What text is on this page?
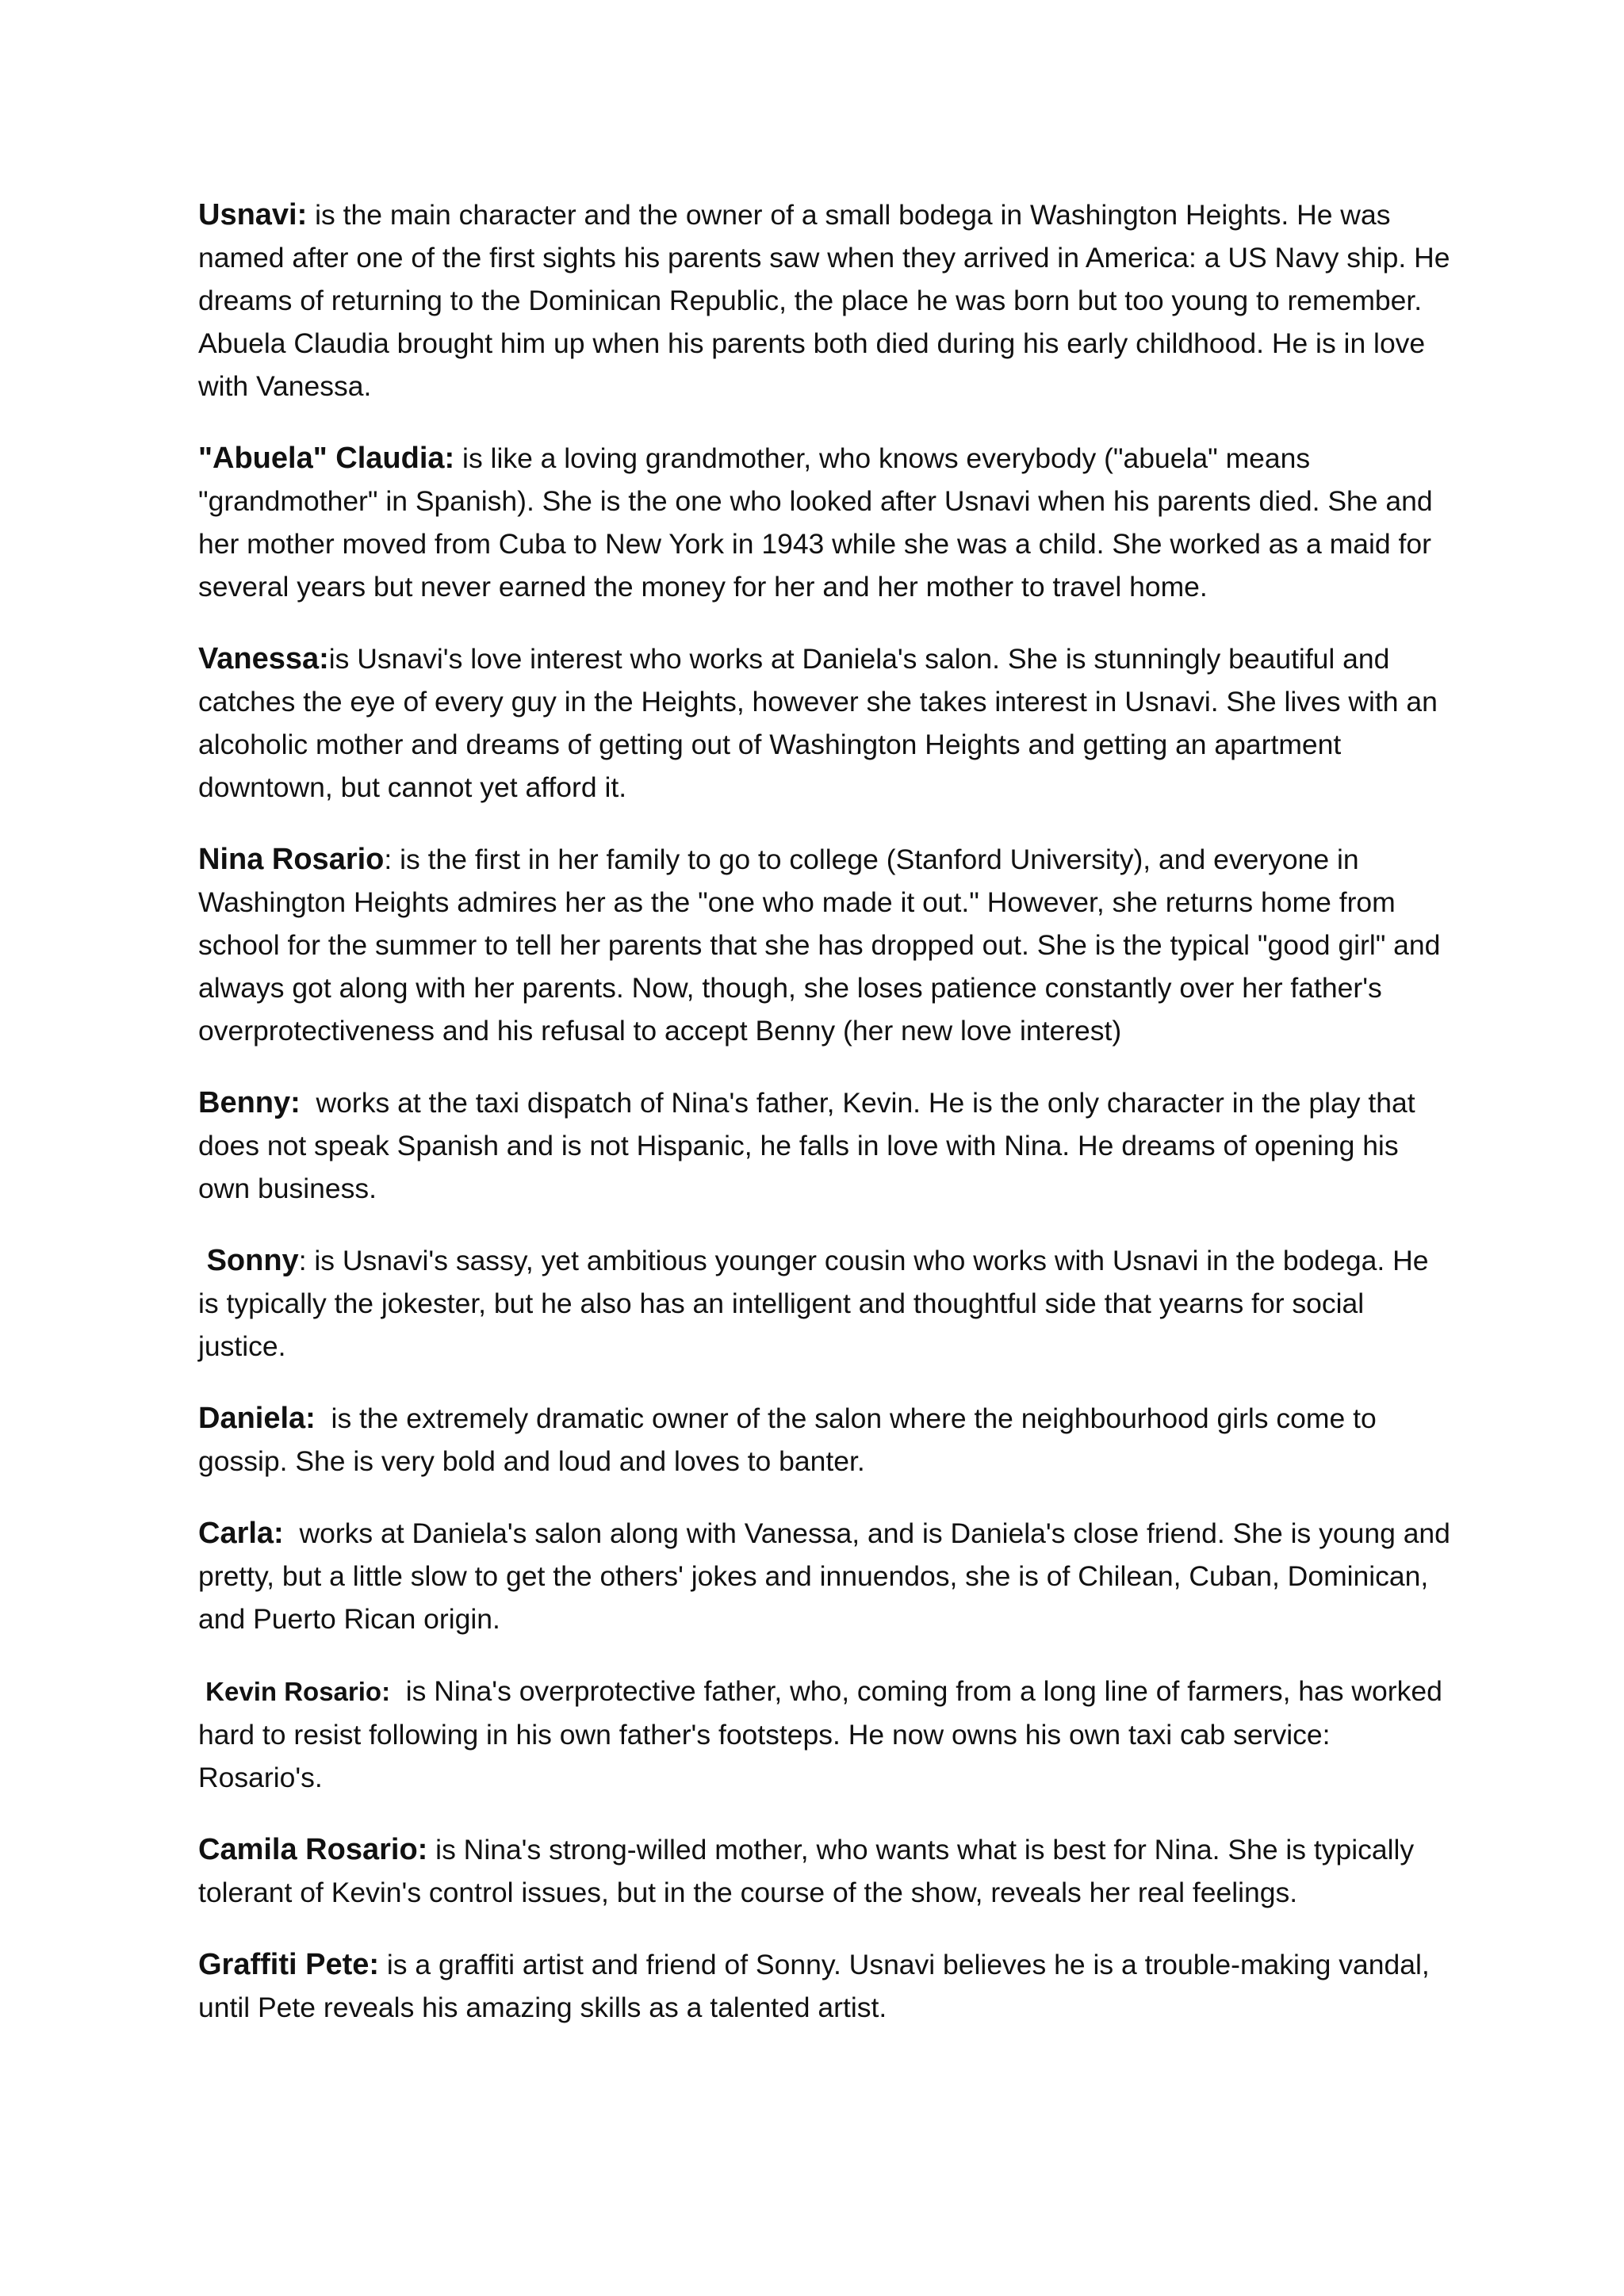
Usnavi: is the main character and the owner of a small bodega in Washington Heights. He was named after one of the first sights his parents saw when they arrived in America: a US Navy ship. He dreams of returning to the Dominican Republic, the place he was born but too young to remember. Abuela Claudia brought him up when his parents both died during his early childhood. He is in love with Vanessa.

"Abuela" Claudia: is like a loving grandmother, who knows everybody ("abuela" means "grandmother" in Spanish). She is the one who looked after Usnavi when his parents died. She and her mother moved from Cuba to New York in 1943 while she was a child. She worked as a maid for several years but never earned the money for her and her mother to travel home.

Vanessa:is Usnavi's love interest who works at Daniela's salon. She is stunningly beautiful and catches the eye of every guy in the Heights, however she takes interest in Usnavi. She lives with an alcoholic mother and dreams of getting out of Washington Heights and getting an apartment downtown, but cannot yet afford it.

Nina Rosario: is the first in her family to go to college (Stanford University), and everyone in Washington Heights admires her as the "one who made it out." However, she returns home from school for the summer to tell her parents that she has dropped out. She is the typical "good girl" and always got along with her parents. Now, though, she loses patience constantly over her father's overprotectiveness and his refusal to accept Benny (her new love interest)

Benny:  works at the taxi dispatch of Nina's father, Kevin. He is the only character in the play that does not speak Spanish and is not Hispanic, he falls in love with Nina. He dreams of opening his own business.

Sonny: is Usnavi's sassy, yet ambitious younger cousin who works with Usnavi in the bodega. He is typically the jokester, but he also has an intelligent and thoughtful side that yearns for social justice.

Daniela:  is the extremely dramatic owner of the salon where the neighbourhood girls come to gossip. She is very bold and loud and loves to banter.

Carla:  works at Daniela's salon along with Vanessa, and is Daniela's close friend. She is young and pretty, but a little slow to get the others' jokes and innuendos, she is of Chilean, Cuban, Dominican, and Puerto Rican origin.

Kevin Rosario:  is Nina's overprotective father, who, coming from a long line of farmers, has worked hard to resist following in his own father's footsteps. He now owns his own taxi cab service: Rosario's.

Camila Rosario: is Nina's strong-willed mother, who wants what is best for Nina. She is typically tolerant of Kevin's control issues, but in the course of the show, reveals her real feelings.

Graffiti Pete: is a graffiti artist and friend of Sonny. Usnavi believes he is a trouble-making vandal, until Pete reveals his amazing skills as a talented artist.
